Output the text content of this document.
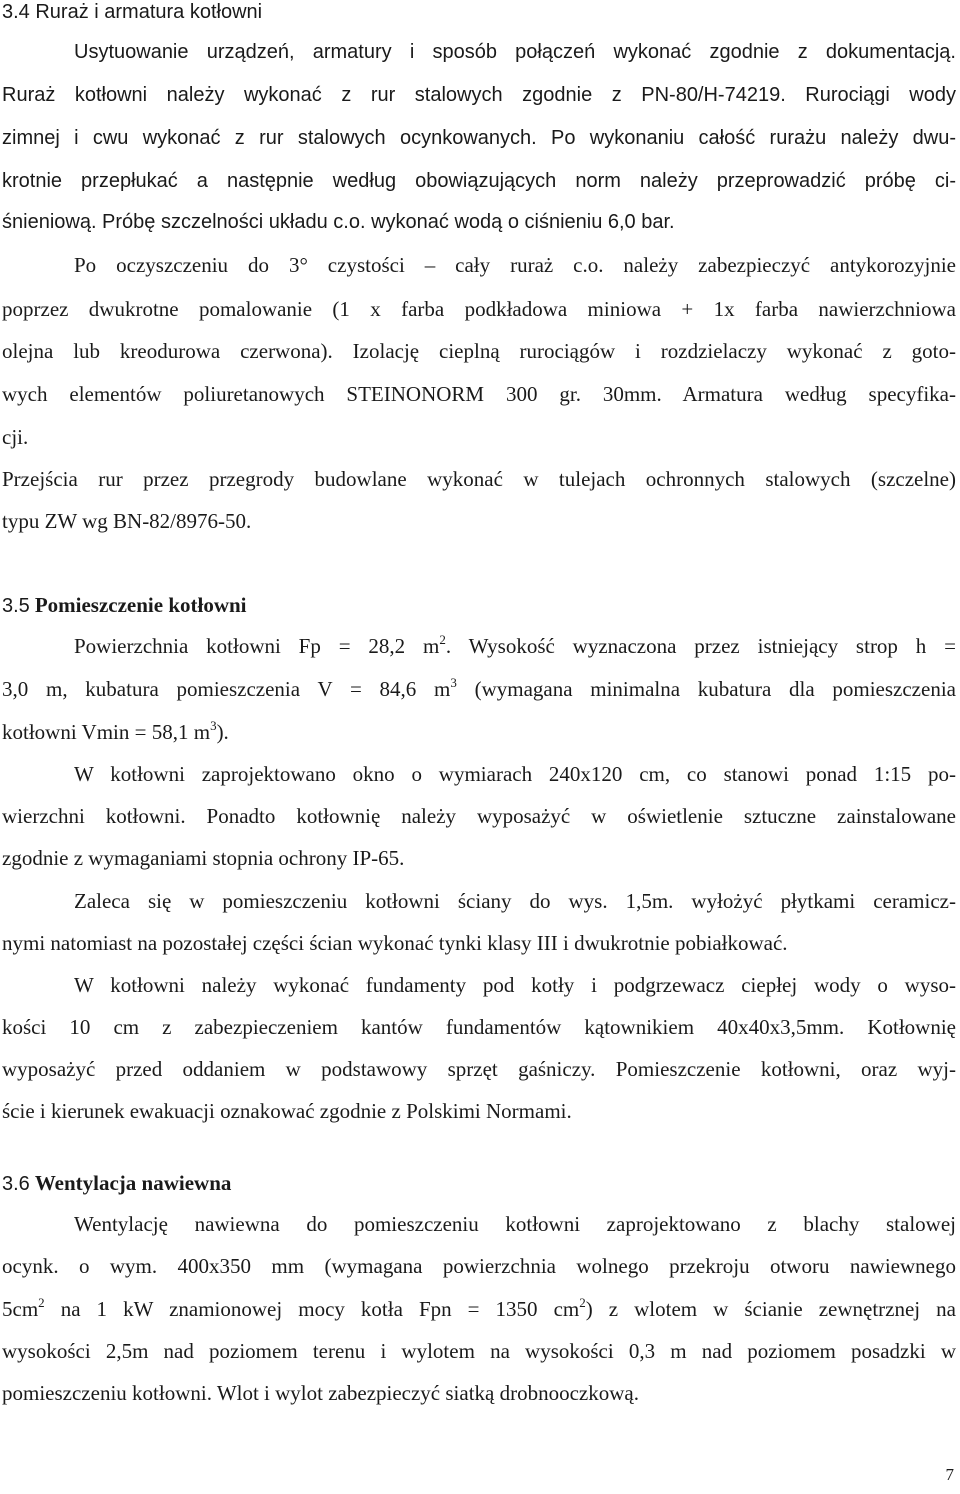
3.4 Rurаż i armatura kotłowni
Usytuowanie urządzeń, armatury i sposób połączeń wykonać zgodnie z dokumentacją.
Rurаż kotłowni należy wykonać z rur stalowych zgodnie z PN-80/H-74219. Rurociągi wody
zimnej i cwu wykonać z rur stalowych ocynkowanych. Po wykonaniu całość rurażu należy dwu-
krotnie przepłukać a następnie według obowiązujących norm należy przeprowadzić próbę ci-
śnieniową. Próbę szczelności układu c.o. wykonać wodą o ciśnieniu 6,0 bar.
Po oczyszczeniu do 3° czystości – cały rurаż c.o. należy zabezpieczyć antykorozyjnie
poprzez dwukrotne pomalowanie (1 x farba podkładowa miniowa + 1x farba nawierzchniowa
olejna lub kreodurowa czerwona). Izolację cieplną rurociągów i rozdzielaczy wykonać z goto-
wych elementów poliuretanowych STEINONORM 300 gr. 30mm. Armatura według specyfika-
cji.
Przejścia rur przez przegrody budowlane wykonać w tulejach ochronnych stalowych (szczelne)
typu ZW wg BN-82/8976-50.
3.5 Pomieszczenie kotłowni
Powierzchnia kotłowni Fp = 28,2 $m^2$. Wysokość wyznaczona przez istniejący strop h =
3,0 m, kubatura pomieszczenia V = 84,6 $m^3$ (wymagana minimalna kubatura dla pomieszczenia
kotłowni Vmin = 58,1 $m^3$).
W kotłowni zaprojektowano okno o wymiarach 240x120 cm, co stanowi ponad 1:15 po-
wierzchni kotłowni. Ponadto kotłownię należy wyposażyć w oświetlenie sztuczne zainstalowane
zgodnie z wymaganiami stopnia ochrony IP-65.
Zaleca się w pomieszczeniu kotłowni ściany do wys. 1,5m. wyłożyć płytkami ceramicz-
nymi natomiast na pozostałej części ścian wykonać tynki klasy III i dwukrotnie pobiałkować.
W kotłowni należy wykonać fundamenty pod kotły i podgrzewacz ciepłej wody o wyso-
kości 10 cm z zabezpieczeniem kantów fundamentów kątownikiem 40x40x3,5mm. Kotłownię
wyposażyć przed oddaniem w podstawowy sprzęt gaśniczy. Pomieszczenie kotłowni, oraz wyj-
ście i kierunek ewakuacji oznakować zgodnie z Polskimi Normami.
3.6 Wentylacja nawiewna
Wentylację nawiewna do pomieszczeniu kotłowni zaprojektowano z blachy stalowej
ocynk. o wym. 400x350 mm (wymagana powierzchnia wolnego przekroju otworu nawiewnego
$5cm^2$ na 1 kW znamionowej mocy kotła Fpn = 1350 $cm^2$) z wlotem w ścianie zewnętrznej na
wysokości 2,5m nad poziomem terenu i wylotem na wysokości 0,3 m nad poziomem posadzki w
pomieszczeniu kotłowni. Wlot i wylot zabezpieczyć siatką drobnooczkową.
7
